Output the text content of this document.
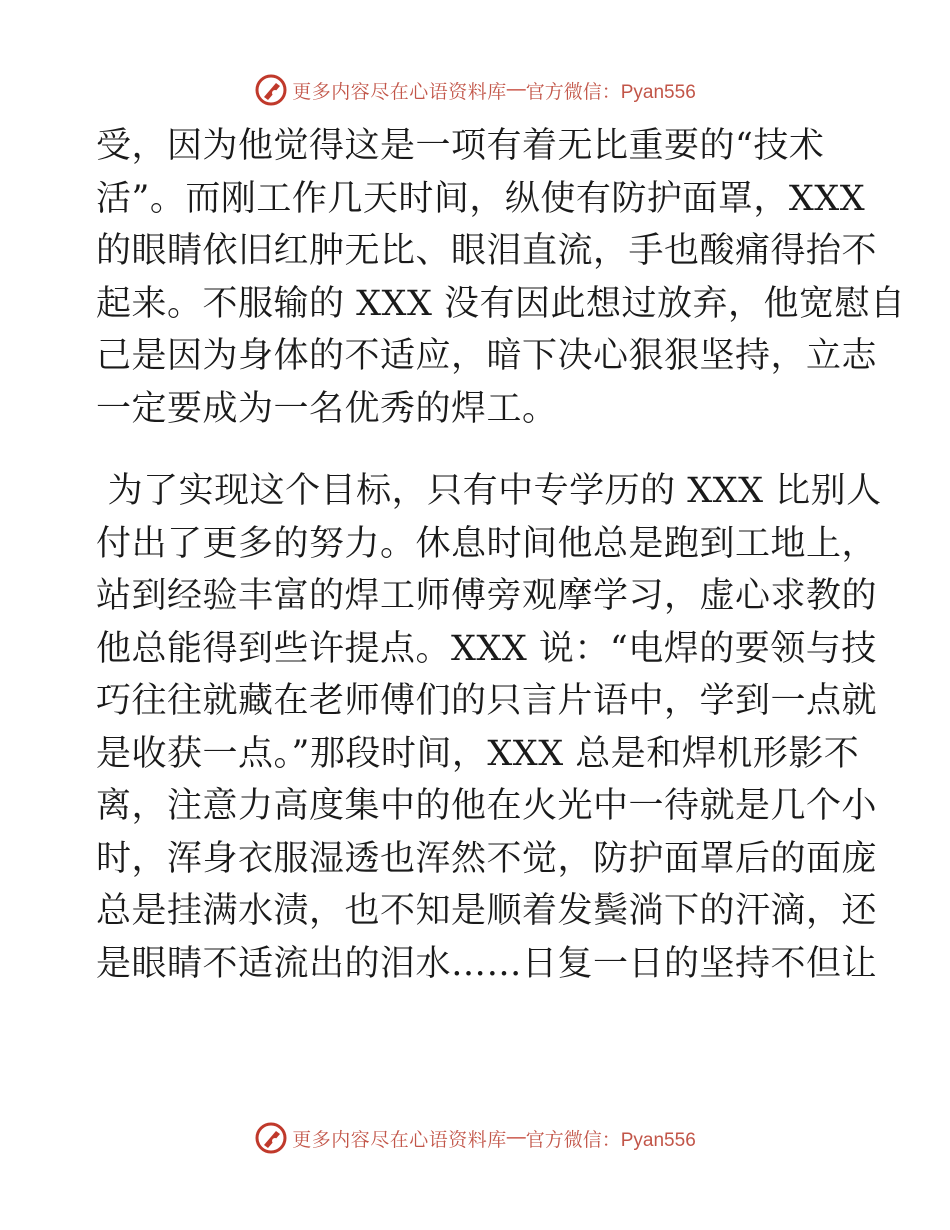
更多内容尽在心语资料库 — 官方微信：Pyan556

受，因为他觉得这是一项有着无比重要的“技术
活”。而刚工作几天时间，纵使有防护面罩，XXX
的眼睛依旧红肿无比、眼泪直流，手也酸痛得抬不
起来。不服输的 XXX 没有因此想过放弃，他宽慰自
己是因为身体的不适应，暗下决心狠狠坚持，立志
一定要成为一名优秀的焊工。

为了实现这个目标，只有中专学历的 XXX 比别人
付出了更多的努力。休息时间他总是跑到工地上，
站到经验丰富的焊工师傅旁观摩学习，虚心求教的
他总能得到些许提点。XXX 说：“电焊的要领与技
巧往往就藏在老师傅们的只言片语中，学到一点就
是收获一点。”那段时间，XXX 总是和焊机形影不
离，注意力高度集中的他在火光中一待就是几个小
时，浑身衣服湿透也浑然不觉，防护面罩后的面庞
总是挂满水渍，也不知是顺着发鬓淌下的汗滴，还
是眼睛不适流出的泪水……日复一日的坚持不但让

更多内容尽在心语资料库 — 官方微信：Pyan556
